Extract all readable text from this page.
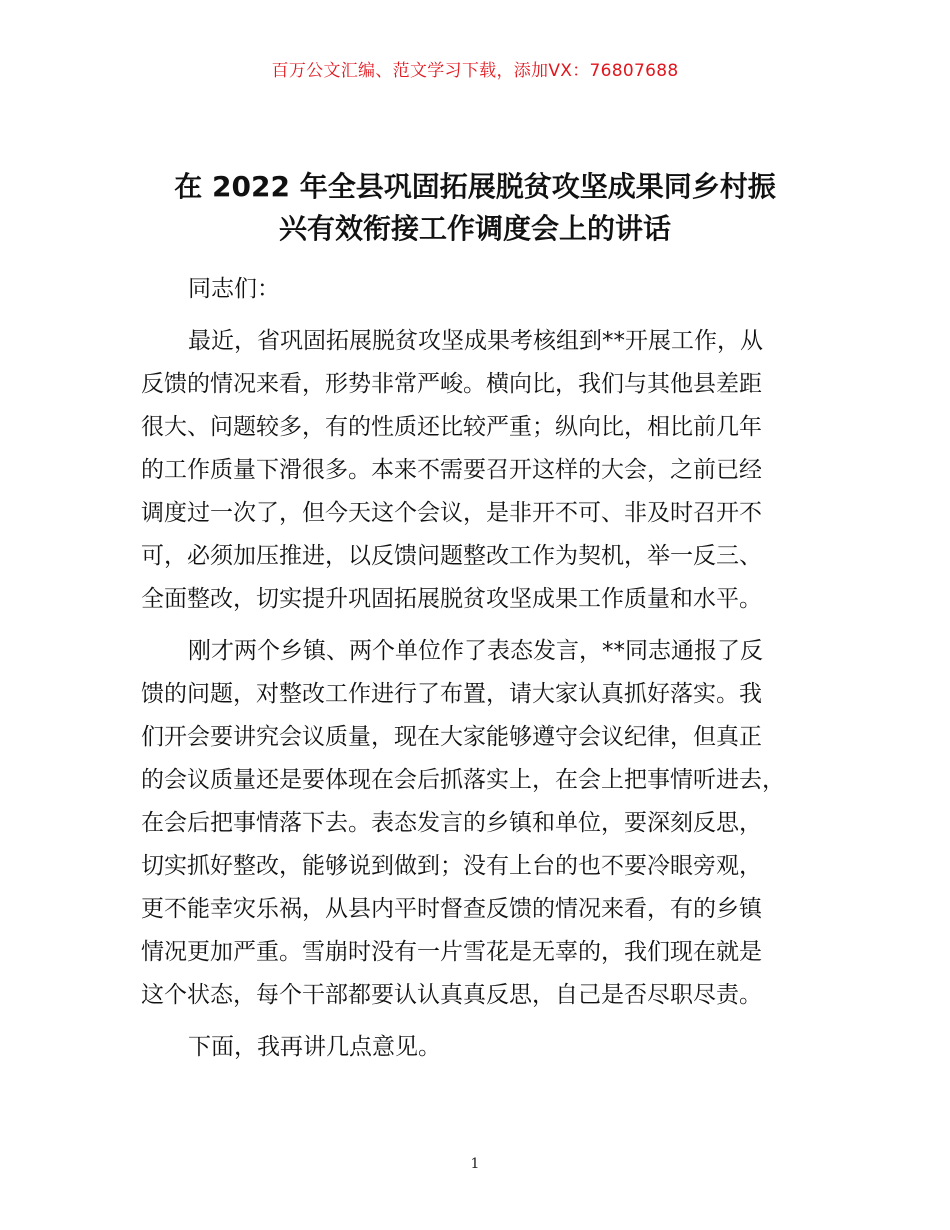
百万公文汇编、范文学习下载，添加VX：76807688
在 2022 年全县巩固拓展脱贫攻坚成果同乡村振
兴有效衔接工作调度会上的讲话
同志们：
最近，省巩固拓展脱贫攻坚成果考核组到**开展工作，从
反馈的情况来看，形势非常严峻。横向比，我们与其他县差距
很大、问题较多，有的性质还比较严重；纵向比，相比前几年
的工作质量下滑很多。本来不需要召开这样的大会，之前已经
调度过一次了，但今天这个会议，是非开不可、非及时召开不
可，必须加压推进，以反馈问题整改工作为契机，举一反三、
全面整改，切实提升巩固拓展脱贫攻坚成果工作质量和水平。
刚才两个乡镇、两个单位作了表态发言，**同志通报了反
馈的问题，对整改工作进行了布置，请大家认真抓好落实。我
们开会要讲究会议质量，现在大家能够遵守会议纪律，但真正
的会议质量还是要体现在会后抓落实上，在会上把事情听进去，
在会后把事情落下去。表态发言的乡镇和单位，要深刻反思，
切实抓好整改，能够说到做到；没有上台的也不要冷眼旁观，
更不能幸灾乐祸，从县内平时督查反馈的情况来看，有的乡镇
情况更加严重。雪崩时没有一片雪花是无辜的，我们现在就是
这个状态，每个干部都要认认真真反思，自己是否尽职尽责。
下面，我再讲几点意见。
1
